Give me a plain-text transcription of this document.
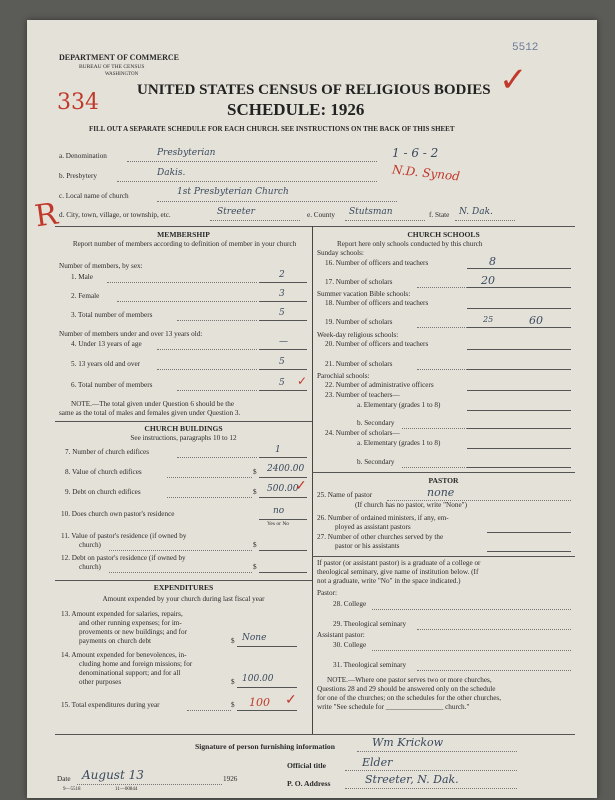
DEPARTMENT OF COMMERCE
BUREAU OF THE CENSUS
WASHINGTON
5512
334	UNITED STATES CENSUS OF RELIGIOUS BODIES
SCHEDULE: 1926
FILL OUT A SEPARATE SCHEDULE FOR EACH CHURCH. SEE INSTRUCTIONS ON THE BACK OF THIS SHEET
✓
a. Denomination	Presbyterian	1 - 6 - 2
b. Presbytery	Dakis.	N.D. Synod
R
c. Local name of church	1st Presbyterian Church
d. City, town, village, or township, etc.	Streeter	e. County Stutsman	f. State N. Dak.
MEMBERSHIP
Report number of members according to definition of member in your church
Number of members, by sex:
1. Male	2
2. Female	3
3. Total number of members	5
Number of members under and over 13 years old:
4. Under 13 years of age	—
5. 13 years old and over	5
6. Total number of members	5 ✓
NOTE.—The total given under Question 6 should be the
same as the total of males and females given under Question 3.
CHURCH BUILDINGS
See instructions, paragraphs 10 to 12
7. Number of church edifices	1
8. Value of church edifices	$ 2400.00
9. Debt on church edifices	$ 500.00
✓
10. Does church own pastor's residence	no
Yes or No
11. Value of pastor's residence (if owned by
church)	$
12. Debt on pastor's residence (if owned by
church)	$
EXPENDITURES
Amount expended by your church during last fiscal year
13. Amount expended for salaries, repairs,
and other running expenses; for im-
provements or new buildings; and for
payments on church debt	$ None
14. Amount expended for benevolences, in-
cluding home and foreign missions; for
denominational support; and for all
other purposes	$ 100.00
15. Total expenditures during year	$ 100 ✓
CHURCH SCHOOLS
Report here only schools conducted by this church
Sunday schools:
16. Number of officers and teachers	8
17. Number of scholars	20
Summer vacation Bible schools:
18. Number of officers and teachers
19. Number of scholars	25	60
Week-day religious schools:
20. Number of officers and teachers
21. Number of scholars
Parochial schools:
22. Number of administrative officers
23. Number of teachers—
a. Elementary (grades 1 to 8)
b. Secondary
24. Number of scholars—
a. Elementary (grades 1 to 8)
b. Secondary
PASTOR
25. Name of pastor	none
(If church has no pastor, write "None")
26. Number of ordained ministers, if any, em-
ployed as assistant pastors
27. Number of other churches served by the
pastor or his assistants
If pastor (or assistant pastor) is a graduate of a college or
theological seminary, give name of institution below. (If
not a graduate, write "No" in the space indicated.)
Pastor:
28. College
29. Theological seminary
Assistant pastor:
30. College
31. Theological seminary
NOTE.—Where one pastor serves two or more churches,
Questions 28 and 29 should be answered only on the schedule
for one of the churches; on the schedules for the other churches,
write "See schedule for ________________ church."
Signature of person furnishing information	Wm Krickow
Official title	Elder
Date August 13	1926
9—5518	11—00844
P. O. Address	Streeter, N. Dak.
